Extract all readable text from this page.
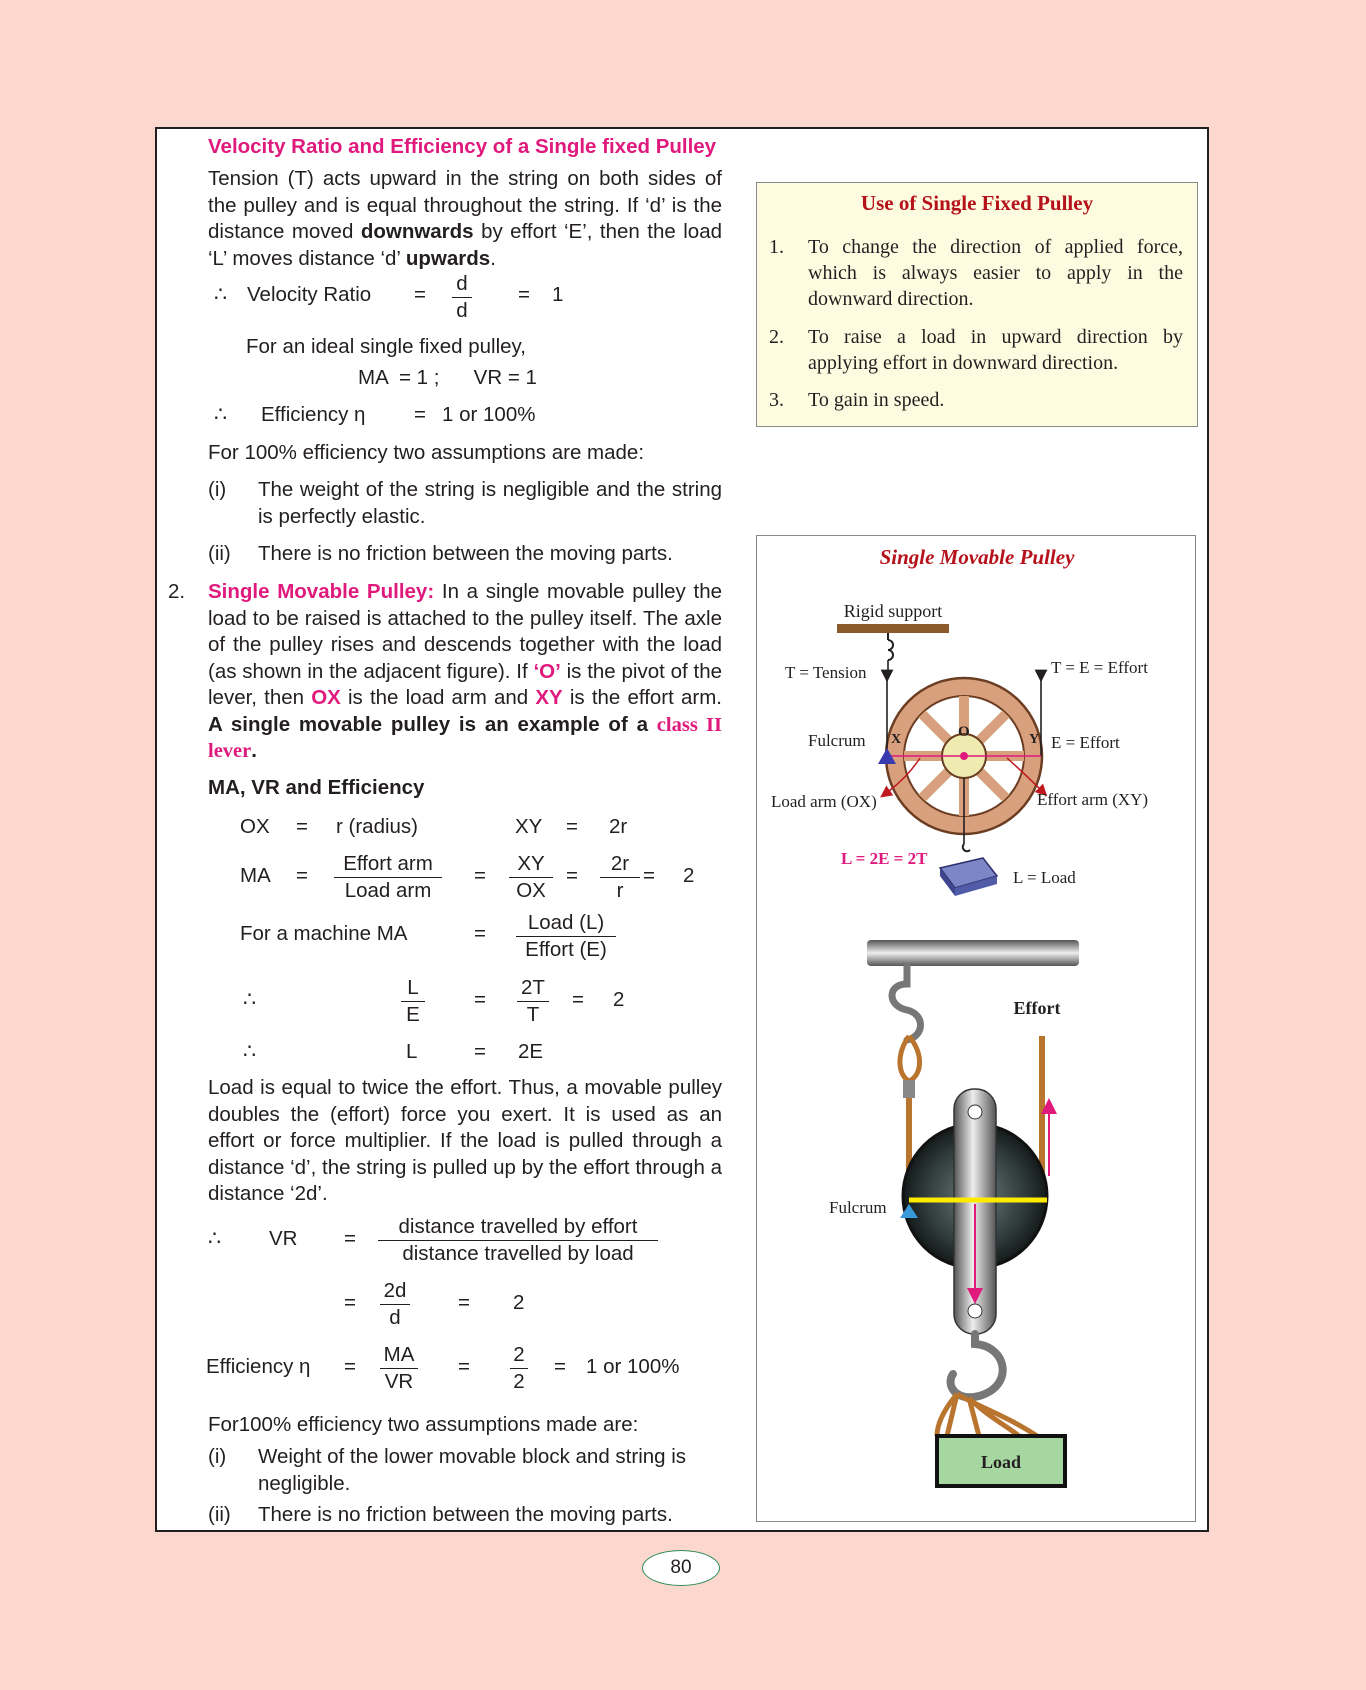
Velocity Ratio and Efficiency of a Single fixed Pulley
Tension (T) acts upward in the string on both sides of the pulley and is equal throughout the string. If ‘d’ is the distance moved downwards by effort ‘E’, then the load ‘L’ moves distance ‘d’ upwards.
∴ Velocity Ratio = $\frac{d}{d} = 1$
For an ideal single fixed pulley,
MA  = 1 ;      VR = 1
∴ Efficiency η = 1 or 100%
For 100% efficiency two assumptions are made:
(i) The weight of the string is negligible and the string is perfectly elastic.
(ii) There is no friction between the moving parts.
2. Single Movable Pulley: In a single movable pulley the load to be raised is attached to the pulley itself. The axle of the pulley rises and descends together with the load (as shown in the adjacent figure). If ‘O’ is the pivot of the lever, then OX is the load arm and XY is the effort arm. A single movable pulley is an example of a class II lever.
MA, VR and Efficiency
OX = r (radius)	XY = 2r
MA =
Effort arm
Load arm
= $\frac{XY}{OX} = \frac{2r}{r} = 2$
For a machine MA	=	Load (L)
Effort (E)
∴	$\frac{L}{E} = \frac{2T}{T} = 2$
∴	L	= 2E
Load is equal to twice the effort. Thus, a movable pulley doubles the (effort) force you exert. It is used as an effort or force multiplier. If the load is pulled through a distance ‘d’, the string is pulled up by the effort through a distance ‘2d’.
∴ VR =
distance travelled by effort
distance travelled by load
= $\frac{2d}{d} = 2$
Efficiency $\eta = \frac{MA}{VR} = \frac{2}{2} = 1$ or 100%
For100% efficiency two assumptions made are:
(i) Weight of the lower movable block and string is negligible.
(ii) There is no friction between the moving parts.
Use of Single Fixed Pulley
1. To change the direction of applied force, which is always easier to apply in the downward direction.
2. To raise a load in upward direction by applying effort in downward direction.
3. To gain in speed.
Single Movable Pulley
Rigid support
T = Tension	T = E = Effort
Fulcrum X	O	Y E = Effort
Load arm (OX)	Effort arm (XY)
L = 2E = 2T
L = Load
Effort
Fulcrum
Load
80
